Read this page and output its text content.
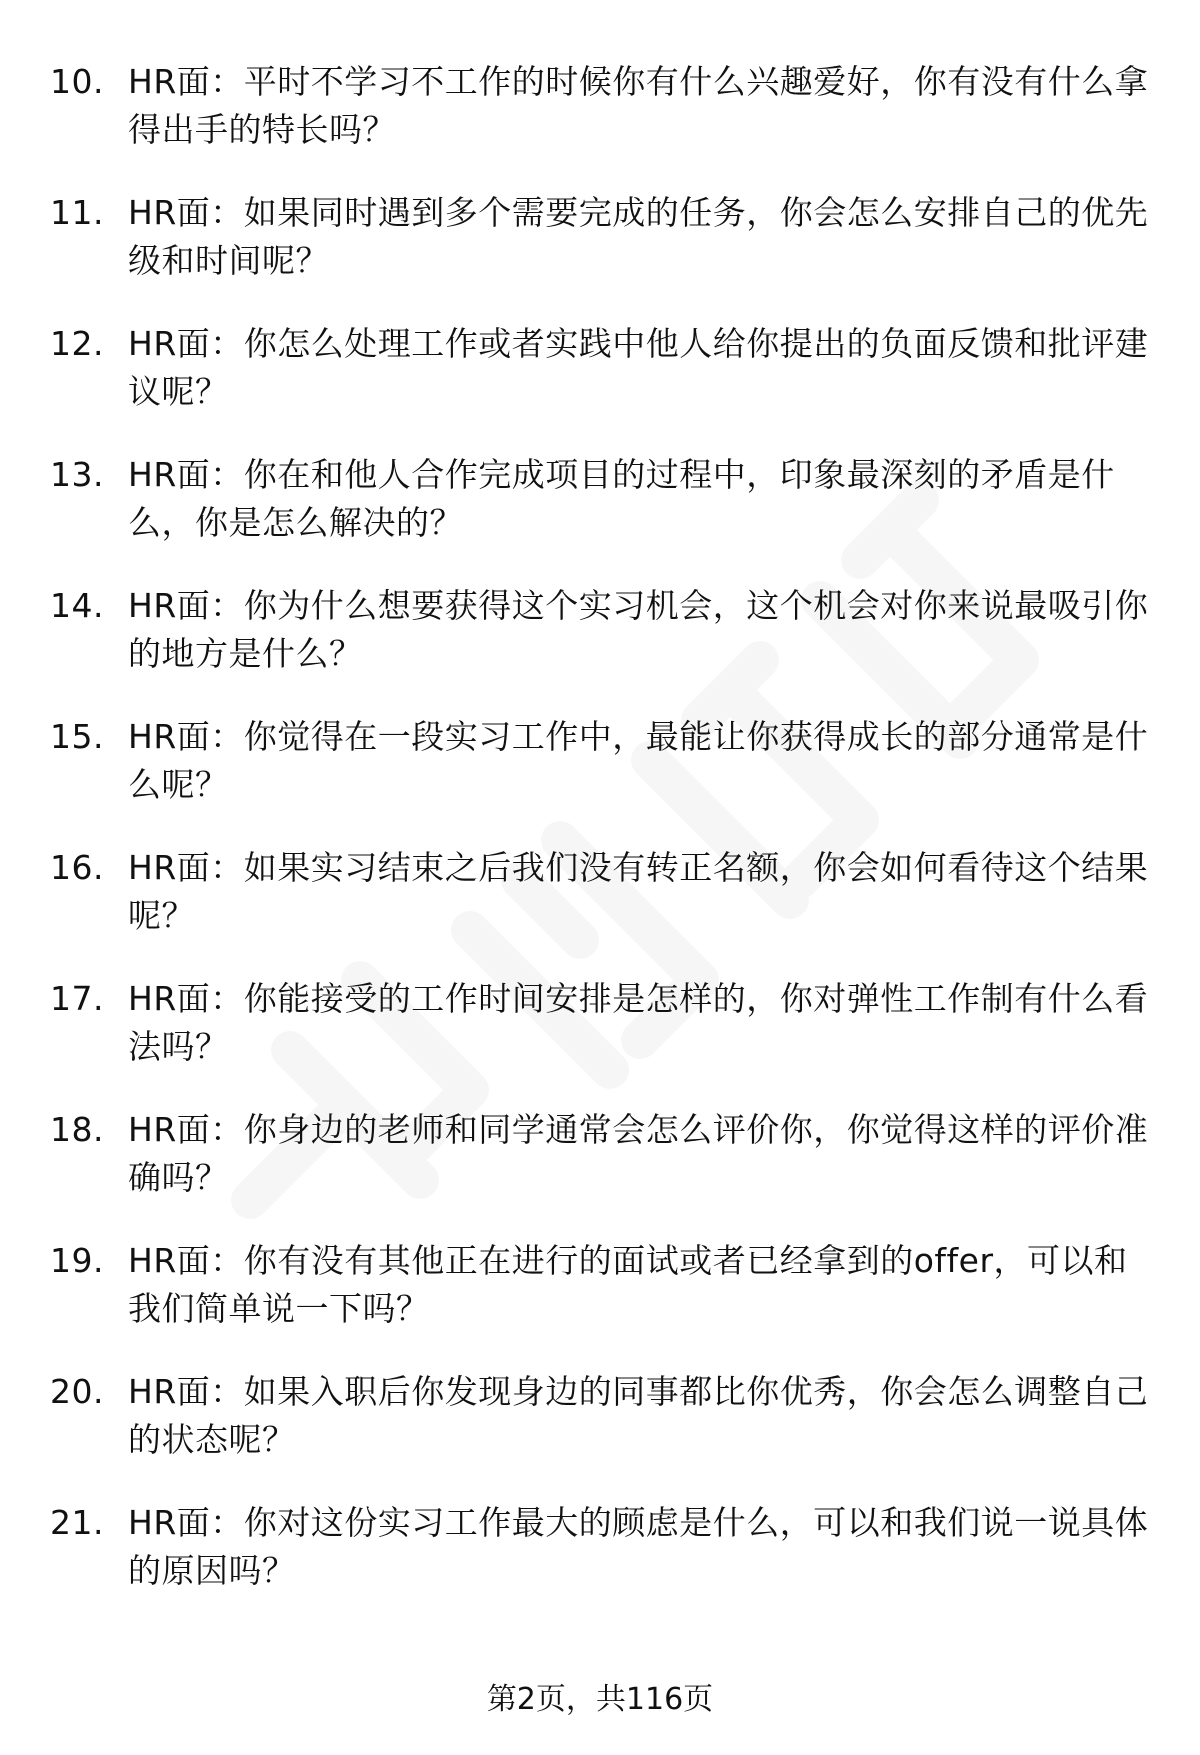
10. HR面：平时不学习不工作的时候你有什么兴趣爱好，你有没有什么拿得出手的特长吗？
11. HR面：如果同时遇到多个需要完成的任务，你会怎么安排自己的优先级和时间呢？
12. HR面：你怎么处理工作或者实践中他人给你提出的负面反馈和批评建议呢？
13. HR面：你在和他人合作完成项目的过程中，印象最深刻的矛盾是什么，你是怎么解决的？
14. HR面：你为什么想要获得这个实习机会，这个机会对你来说最吸引你的地方是什么？
15. HR面：你觉得在一段实习工作中，最能让你获得成长的部分通常是什么呢？
16. HR面：如果实习结束之后我们没有转正名额，你会如何看待这个结果呢？
17. HR面：你能接受的工作时间安排是怎样的，你对弹性工作制有什么看法吗？
18. HR面：你身边的老师和同学通常会怎么评价你，你觉得这样的评价准确吗？
19. HR面：你有没有其他正在进行的面试或者已经拿到的offer，可以和我们简单说一下吗？
20. HR面：如果入职后你发现身边的同事都比你优秀，你会怎么调整自己的状态呢？
21. HR面：你对这份实习工作最大的顾虑是什么，可以和我们说一说具体的原因吗？
第2页，共116页
